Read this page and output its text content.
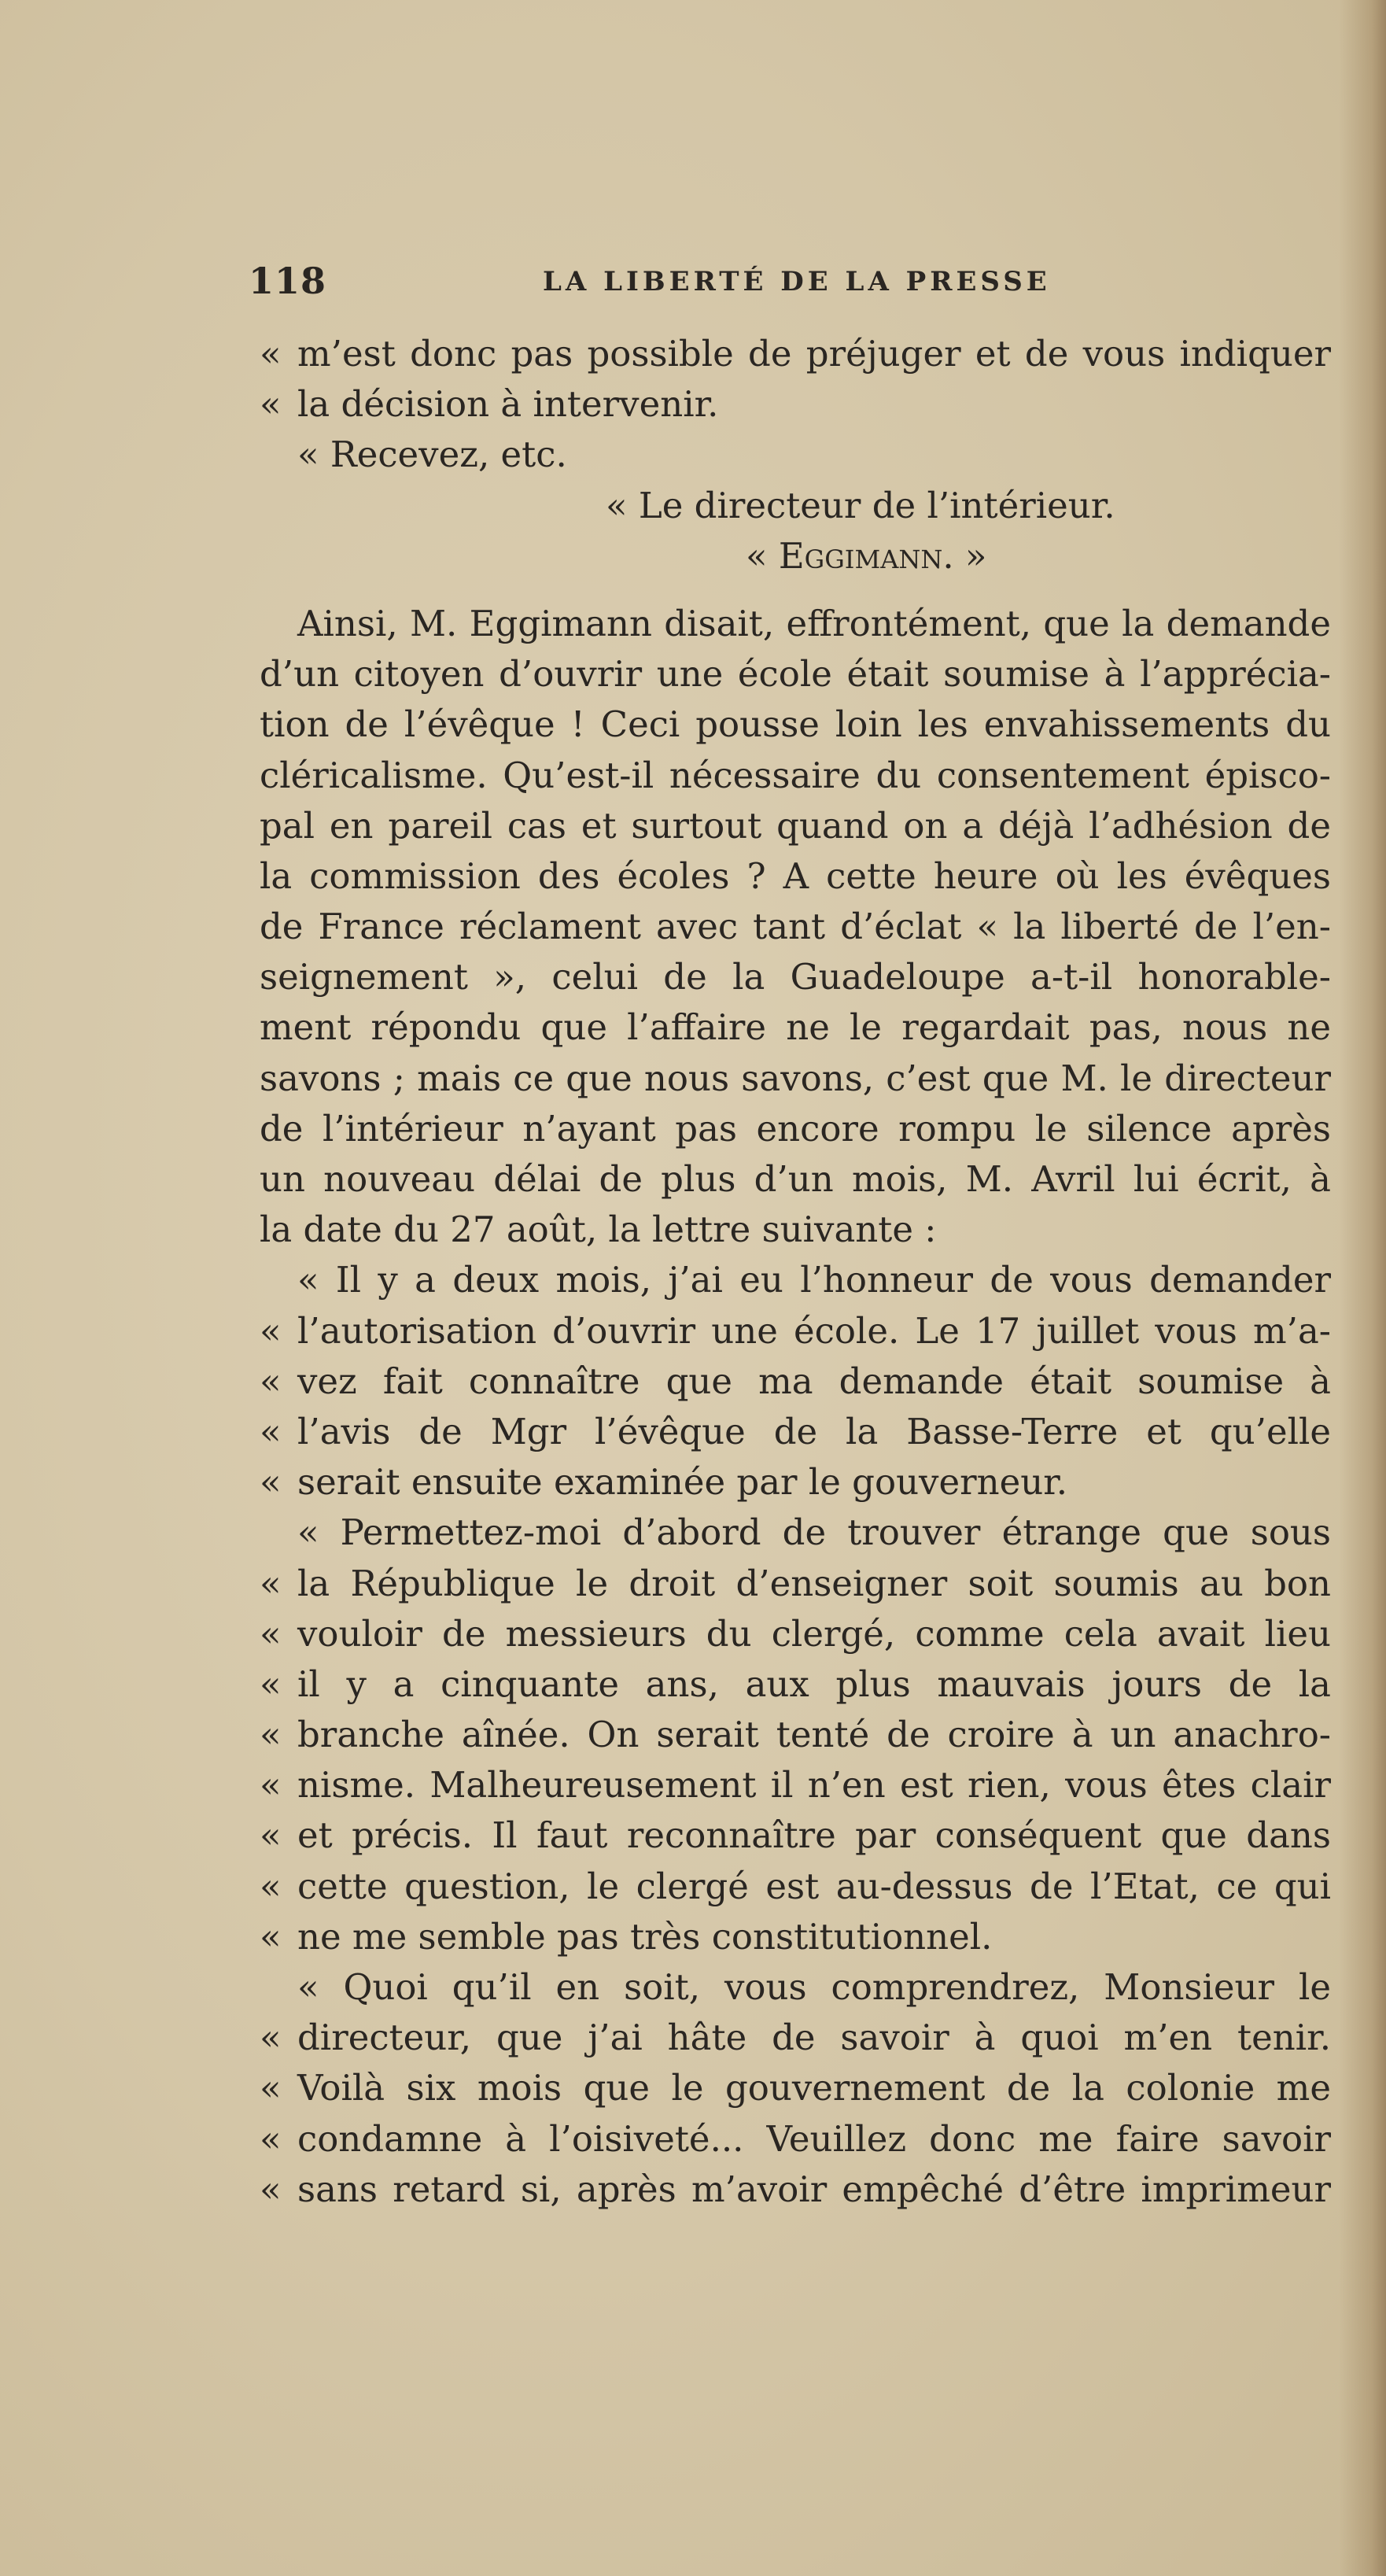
118	LA LIBERTÉ DE LA PRESSE
« m’est donc pas possible de préjuger et de vous indiquer
« la décision à intervenir.
« Recevez, etc.
« Le directeur de l’intérieur.
« Eggimann. »
Ainsi, M. Eggimann disait, effrontément, que la demande
d’un citoyen d’ouvrir une école était soumise à l’apprécia-
tion de l’évêque ! Ceci pousse loin les envahissements du
cléricalisme. Qu’est-il nécessaire du consentement épisco-
pal en pareil cas et surtout quand on a déjà l’adhésion de
la commission des écoles ? A cette heure où les évêques
de France réclament avec tant d’éclat « la liberté de l’en-
seignement », celui de la Guadeloupe a-t-il honorable-
ment répondu que l’affaire ne le regardait pas, nous ne
savons ; mais ce que nous savons, c’est que M. le directeur
de l’intérieur n’ayant pas encore rompu le silence après
un nouveau délai de plus d’un mois, M. Avril lui écrit, à
la date du 27 août, la lettre suivante :
« Il y a deux mois, j’ai eu l’honneur de vous demander
« l’autorisation d’ouvrir une école. Le 17 juillet vous m’a-
« vez fait connaître que ma demande était soumise à
« l’avis de Mgr l’évêque de la Basse-Terre et qu’elle
« serait ensuite examinée par le gouverneur.
« Permettez-moi d’abord de trouver étrange que sous
« la République le droit d’enseigner soit soumis au bon
« vouloir de messieurs du clergé, comme cela avait lieu
« il y a cinquante ans, aux plus mauvais jours de la
« branche aînée. On serait tenté de croire à un anachro-
« nisme. Malheureusement il n’en est rien, vous êtes clair
« et précis. Il faut reconnaître par conséquent que dans
« cette question, le clergé est au-dessus de l’Etat, ce qui
« ne me semble pas très constitutionnel.
« Quoi qu’il en soit, vous comprendrez, Monsieur le
« directeur, que j’ai hâte de savoir à quoi m’en tenir.
« Voilà six mois que le gouvernement de la colonie me
« condamne à l’oisiveté... Veuillez donc me faire savoir
« sans retard si, après m’avoir empêché d’être imprimeur
